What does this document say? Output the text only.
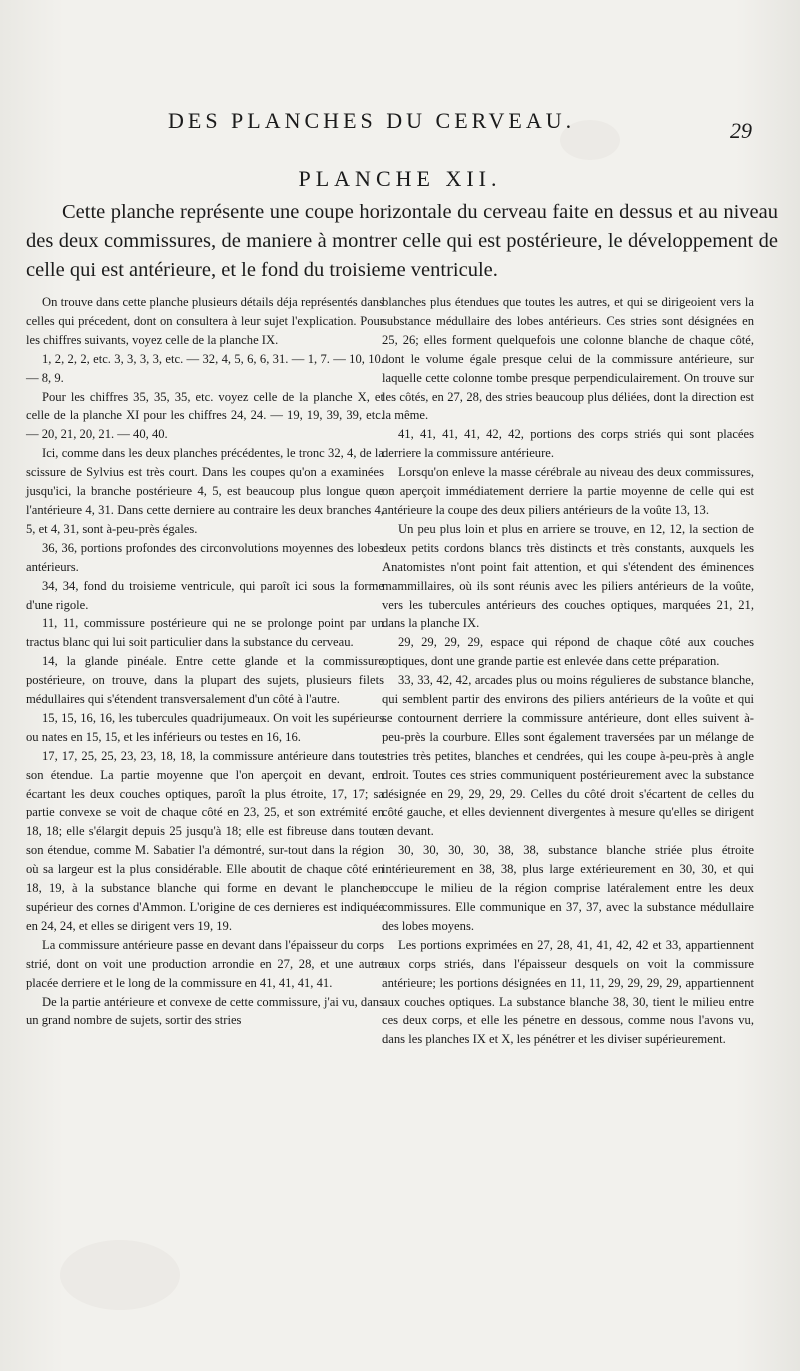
DES PLANCHES DU CERVEAU.	29
PLANCHE XII.

Cette planche représente une coupe horizontale du cerveau faite en dessus et au niveau des deux commissures, de maniere à montrer celle qui est postérieure, le développement de celle qui est antérieure, et le fond du troisieme ventricule.

On trouve dans cette planche plusieurs détails déja représentés dans celles qui précedent, dont on consultera à leur sujet l'explication. Pour les chiffres suivants, voyez celle de la planche IX.

1, 2, 2, 2, etc. 3, 3, 3, 3, etc. — 32, 4, 5, 6, 6, 31. — 1, 7. — 10, 10. — 8, 9.

Pour les chiffres 35, 35, 35, etc. voyez celle de la planche X, et celle de la planche XI pour les chiffres 24, 24. — 19, 19, 39, 39, etc. — 20, 21, 20, 21. — 40, 40.

Ici, comme dans les deux planches précédentes, le tronc 32, 4, de la scissure de Sylvius est très court. Dans les coupes qu'on a examinées jusqu'ici, la branche postérieure 4, 5, est beaucoup plus longue que l'antérieure 4, 31. Dans cette derniere au contraire les deux branches 4, 5, et 4, 31, sont à-peu-près égales.

36, 36, portions profondes des circonvolutions moyennes des lobes antérieurs.

34, 34, fond du troisieme ventricule, qui paroît ici sous la forme d'une rigole.

11, 11, commissure postérieure qui ne se prolonge point par un tractus blanc qui lui soit particulier dans la substance du cerveau.

14, la glande pinéale. Entre cette glande et la commissure postérieure, on trouve, dans la plupart des sujets, plusieurs filets médullaires qui s'étendent transversalement d'un côté à l'autre.

15, 15, 16, 16, les tubercules quadrijumeaux. On voit les supérieurs ou nates en 15, 15, et les inférieurs ou testes en 16, 16.

17, 17, 25, 25, 23, 23, 18, 18, la commissure antérieure dans toute son étendue. La partie moyenne que l'on aperçoit en devant, en écartant les deux couches optiques, paroît la plus étroite, 17, 17; sa partie convexe se voit de chaque côté en 23, 25, et son extrémité en 18, 18; elle s'élargit depuis 25 jusqu'à 18; elle est fibreuse dans toute son étendue, comme M. Sabatier l'a démontré, sur-tout dans la région où sa largeur est la plus considérable. Elle aboutit de chaque côté en 18, 19, à la substance blanche qui forme en devant le plancher supérieur des cornes d'Ammon. L'origine de ces dernieres est indiquée en 24, 24, et elles se dirigent vers 19, 19.

La commissure antérieure passe en devant dans l'épaisseur du corps strié, dont on voit une production arrondie en 27, 28, et une autre placée derriere et le long de la commissure en 41, 41, 41, 41.

De la partie antérieure et convexe de cette commissure, j'ai vu, dans un grand nombre de sujets, sortir des stries

blanches plus étendues que toutes les autres, et qui se dirigeoient vers la substance médullaire des lobes antérieurs. Ces stries sont désignées en 25, 26; elles forment quelquefois une colonne blanche de chaque côté, dont le volume égale presque celui de la commissure antérieure, sur laquelle cette colonne tombe presque perpendiculairement. On trouve sur les côtés, en 27, 28, des stries beaucoup plus déliées, dont la direction est la même.

41, 41, 41, 41, 42, 42, portions des corps striés qui sont placées derriere la commissure antérieure.

Lorsqu'on enleve la masse cérébrale au niveau des deux commissures, on aperçoit immédiatement derriere la partie moyenne de celle qui est antérieure la coupe des deux piliers antérieurs de la voûte 13, 13.

Un peu plus loin et plus en arriere se trouve, en 12, 12, la section de deux petits cordons blancs très distincts et très constants, auxquels les Anatomistes n'ont point fait attention, et qui s'étendent des éminences mammillaires, où ils sont réunis avec les piliers antérieurs de la voûte, vers les tubercules antérieurs des couches optiques, marquées 21, 21, dans la planche IX.

29, 29, 29, 29, espace qui répond de chaque côté aux couches optiques, dont une grande partie est enlevée dans cette préparation.

33, 33, 42, 42, arcades plus ou moins régulieres de substance blanche, qui semblent partir des environs des piliers antérieurs de la voûte et qui se contournent derriere la commissure antérieure, dont elles suivent à-peu-près la courbure. Elles sont également traversées par un mélange de stries très petites, blanches et cendrées, qui les coupe à-peu-près à angle droit. Toutes ces stries communiquent postérieurement avec la substance désignée en 29, 29, 29, 29. Celles du côté droit s'écartent de celles du côté gauche, et elles deviennent divergentes à mesure qu'elles se dirigent en devant.

30, 30, 30, 30, 38, 38, substance blanche striée plus étroite intérieurement en 38, 38, plus large extérieurement en 30, 30, et qui occupe le milieu de la région comprise latéralement entre les deux commissures. Elle communique en 37, 37, avec la substance médullaire des lobes moyens.

Les portions exprimées en 27, 28, 41, 41, 42, 42 et 33, appartiennent aux corps striés, dans l'épaisseur desquels on voit la commissure antérieure; les portions désignées en 11, 11, 29, 29, 29, 29, appartiennent aux couches optiques. La substance blanche 38, 30, tient le milieu entre ces deux corps, et elle les pénetre en dessous, comme nous l'avons vu, dans les planches IX et X, les pénétrer et les diviser supérieurement.
